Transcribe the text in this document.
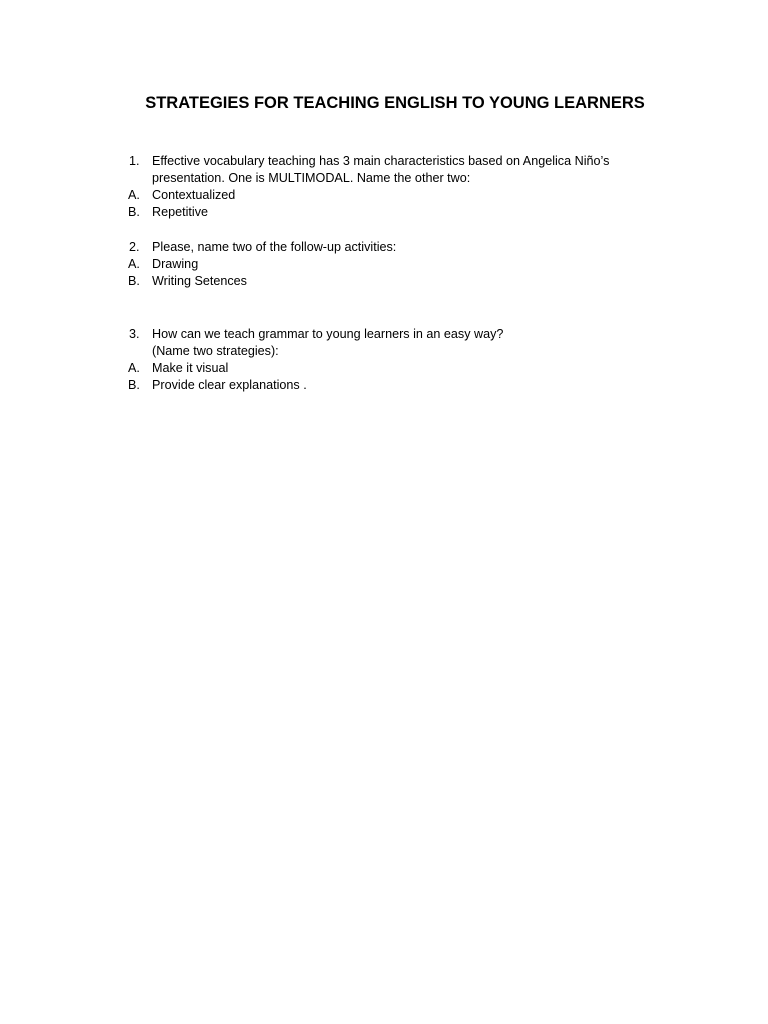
STRATEGIES FOR TEACHING ENGLISH TO YOUNG LEARNERS
1. Effective vocabulary teaching has 3 main characteristics based on Angelica Niño’s
presentation. One is MULTIMODAL. Name the other two:
A. Contextualized
B. Repetitive
2. Please, name two of the follow-up activities:
A. Drawing
B. Writing Setences
3. How can we teach grammar to young learners in an easy way?
(Name two strategies):
A. Make it visual
B. Provide clear explanations .
